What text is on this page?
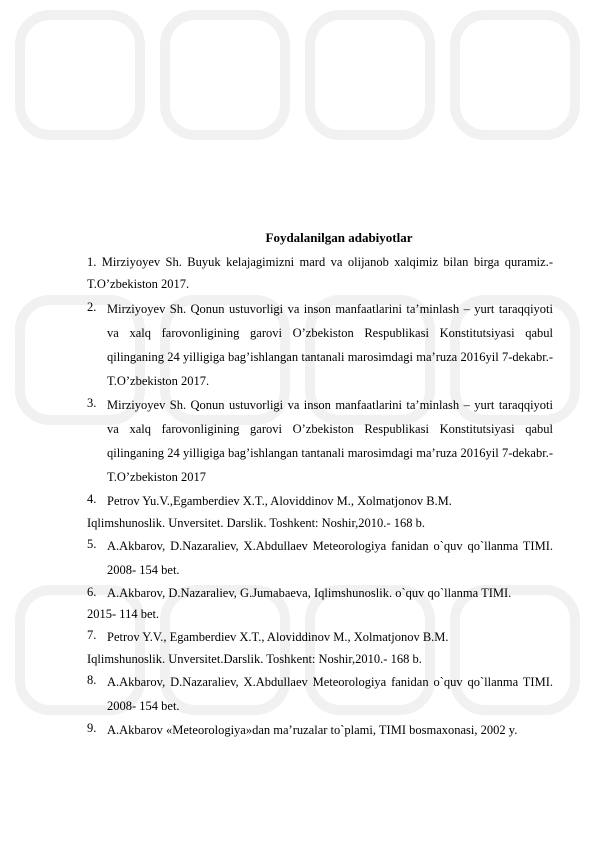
Foydalanilgan adabiyotlar

1. Mirziyoyev Sh. Buyuk kelajagimizni mard va olijanob xalqimiz bilan birga quramiz.- T.O’zbekiston 2017.

2. Mirziyoyev Sh. Qonun ustuvorligi va inson manfaatlarini ta’minlash – yurt taraqqiyoti va xalq farovonligining garovi O’zbekiston Respublikasi Konstitutsiyasi qabul qilinganing 24 yilligiga bag’ishlangan tantanali marosimdagi ma’ruza 2016yil 7-dekabr.- T.O’zbekiston 2017.
3. Mirziyoyev Sh. Qonun ustuvorligi va inson manfaatlarini ta’minlash – yurt taraqqiyoti va xalq farovonligining garovi O’zbekiston Respublikasi Konstitutsiyasi qabul qilinganing 24 yilligiga bag’ishlangan tantanali marosimdagi ma’ruza 2016yil 7-dekabr.- T.O’zbekiston 2017
4. Petrov Yu.V.,Egamberdiev X.T., Aloviddinov M., Xolmatjonov B.M.

Iqlimshunoslik. Unversitet. Darslik. Toshkent: Noshir,2010.- 168 b.

5. A.Akbarov, D.Nazaraliev, X.Abdullaev Meteorologiya fanidan o`quv qo`llanma TIMI. 2008- 154 bet.
6. A.Akbarov, D.Nazaraliev, G.Jumabaeva, Iqlimshunoslik. o`quv qo`llanma TIMI.

2015- 114 bet.

7. Petrov Y.V., Egamberdiev X.T., Aloviddinov M., Xolmatjonov B.M.

Iqlimshunoslik. Unversitet.Darslik. Toshkent: Noshir,2010.- 168 b.

8. A.Akbarov, D.Nazaraliev, X.Abdullaev Meteorologiya fanidan o`quv qo`llanma TIMI. 2008- 154 bet.
9. A.Akbarov «Meteorologiya»dan ma’ruzalar to`plami, TIMI bosmaxonasi, 2002 y.
